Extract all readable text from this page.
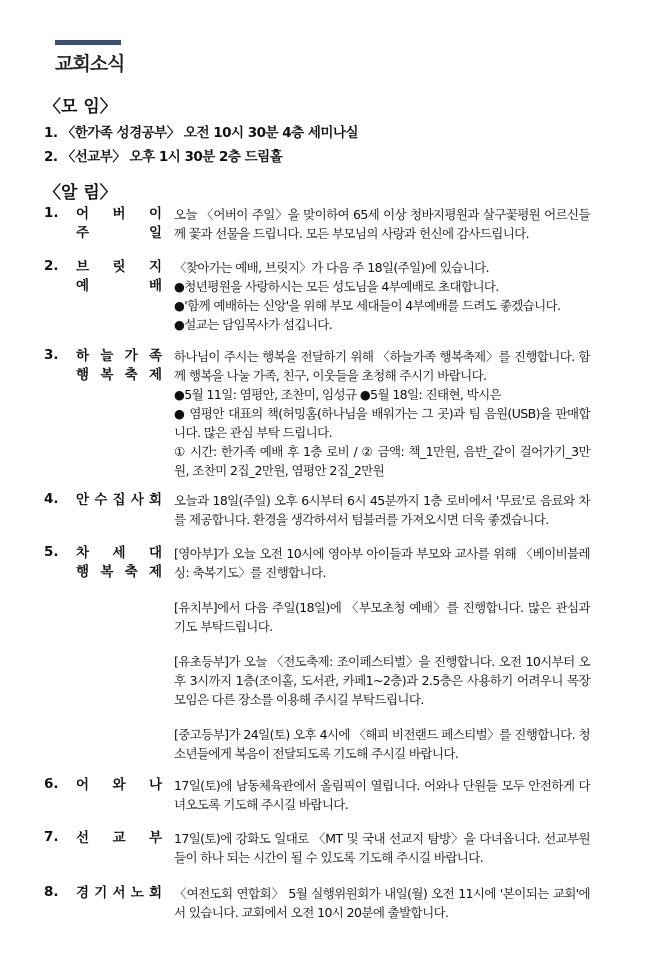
교회소식
〈모 임〉
1. 〈한가족 성경공부〉 오전 10시 30분 4층 세미나실
2. 〈선교부〉 오후 1시 30분 2층 드림홀
〈알 림〉
1. 어 버 이
주	일

오늘 〈어버이 주일〉을 맞이하여 65세 이상 청바지평원과 살구꽃평원 어르신들께 꽃과 선물을 드립니다. 모든 부모님의 사랑과 헌신에 감사드립니다.

2. 브 릿 지
예	배

〈찾아가는 예배, 브릿지〉가 다음 주 18일(주일)에 있습니다.

●청년평원을 사랑하시는 모든 성도님을 4부예배로 초대합니다.

●'함께 예배하는 신앙'을 위해 부모 세대들이 4부예배를 드려도 좋겠습니다.

●설교는 담임목사가 섬깁니다.

3. 하 늘 가 족
행 복 축 제

하나님이 주시는 행복을 전달하기 위해 〈하늘가족 행복축제〉를 진행합니다. 함께 행복을 나눌 가족, 친구, 이웃들을 초청해 주시기 바랍니다.

●5월 11일: 염평안, 조찬미, 임성규 ●5월 18일: 진태현, 박시은

● 염평안 대표의 책(허밍홈(하나님을 배워가는 그 곳)과 팀 음원(USB)을 판매합니다. 많은 관심 부탁 드립니다.

① 시간: 한가족 예배 후 1층 로비 / ② 금액: 책_1만원, 음반_같이 걸어가기_3만원, 조찬미 2집_2만원, 염평안 2집_2만원

4. 안 수 집 사 회 오늘과 18일(주일) 오후 6시부터 6시 45분까지 1층 로비에서 '무료'로 음료와 차를 제공합니다. 환경을 생각하셔서 텀블러를 가져오시면 더욱 좋겠습니다.

5. 차 세 대
행 복 축 제

[영아부]가 오늘 오전 10시에 영아부 아이들과 부모와 교사를 위해 〈베이비블레싱: 축복기도〉를 진행합니다.

[유치부]에서 다음 주일(18일)에 〈부모초청 예배〉를 진행합니다. 많은 관심과 기도 부탁드립니다.

[유초등부]가 오늘 〈전도축제: 조이페스티벌〉을 진행합니다. 오전 10시부터 오후 3시까지 1층(조이홀, 도서관, 카페1~2층)과 2.5층은 사용하기 어려우니 목장 모임은 다른 장소를 이용해 주시길 부탁드립니다.

[중고등부]가 24일(토) 오후 4시에 〈해피 비전랜드 페스티벌〉를 진행합니다. 청소년들에게 복음이 전달되도록 기도해 주시길 바랍니다.

6. 어 와 나 17일(토)에 남동체육관에서 올림픽이 열립니다. 어와나 단원들 모두 안전하게 다녀오도록 기도해 주시길 바랍니다.

7. 선 교 부 17일(토)에 강화도 일대로 〈MT 및 국내 선교지 탐방〉을 다녀옵니다. 선교부원들이 하나 되는 시간이 될 수 있도록 기도해 주시길 바랍니다.

8. 경 기 서 노 회 〈여전도회 연합회〉 5월 실행위원회가 내일(월) 오전 11시에 '본이되는 교회'에서 있습니다. 교회에서 오전 10시 20분에 출발합니다.
